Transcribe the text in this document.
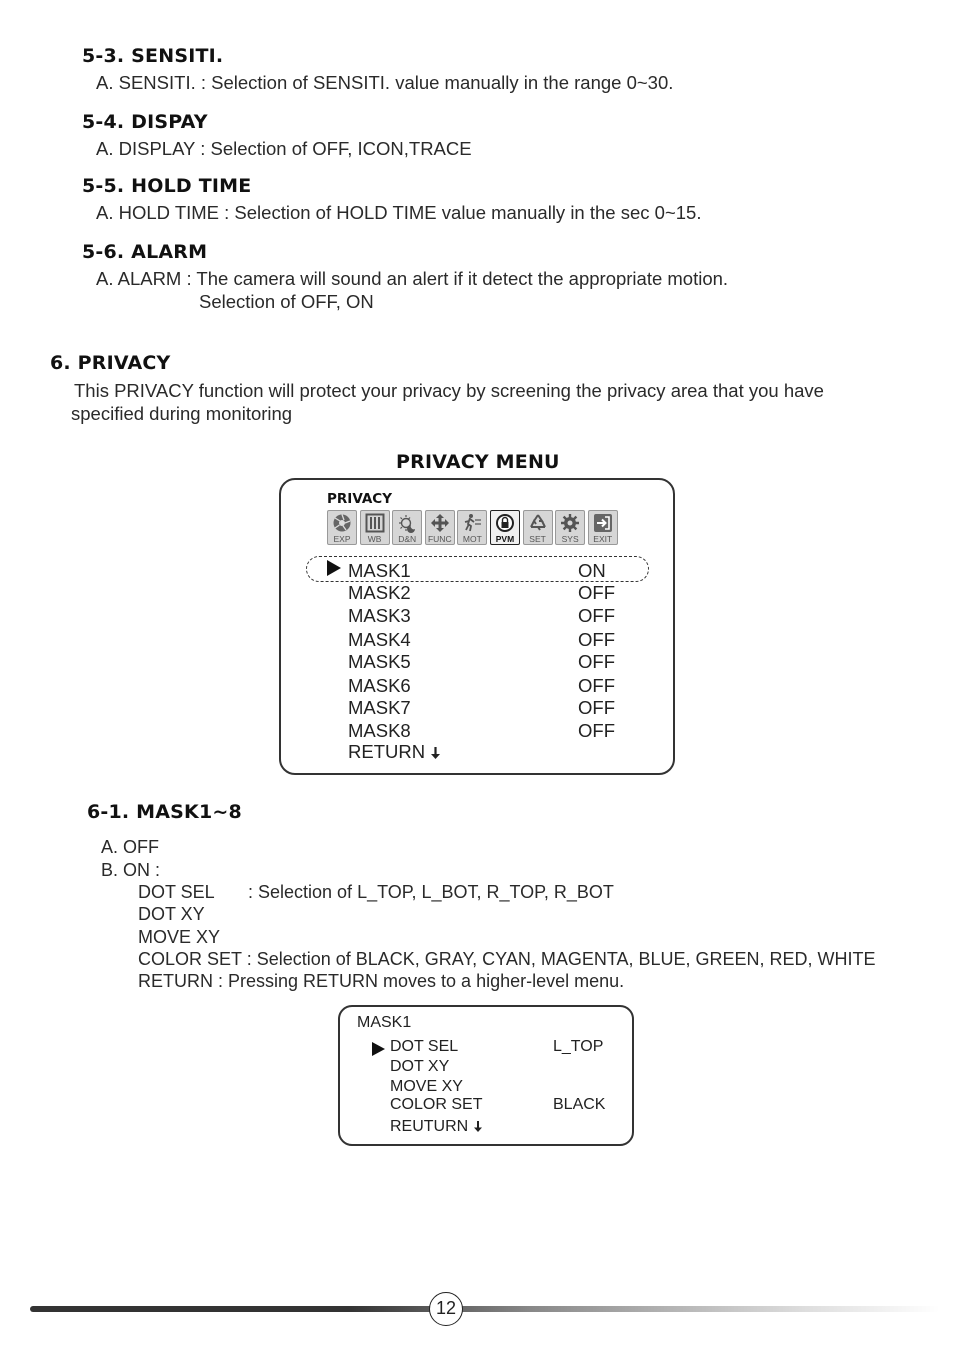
5-3. SENSITI.
A. SENSITI. : Selection of SENSITI. value manually in the range 0~30.
5-4. DISPAY
A. DISPLAY : Selection of OFF, ICON,TRACE
5-5. HOLD TIME
A. HOLD TIME : Selection of HOLD TIME value manually in the sec 0~15.
5-6. ALARM
A. ALARM : The camera will sound an alert if it detect the appropriate motion.
Selection of OFF, ON
6. PRIVACY
This PRIVACY function will protect your privacy by screening the privacy area that you have
specified during monitoring
PRIVACY MENU
PRIVACY
EXP	WB	D&N	FUNC	MOT	PVM	SET	SYS	EXIT
MASK1	ON
MASK2	OFF
MASK3	OFF
MASK4	OFF
MASK5	OFF
MASK6	OFF
MASK7	OFF
MASK8	OFF
RETURN
6-1. MASK1~8
A. OFF
B. ON :
DOT SEL : Selection of L_TOP, L_BOT, R_TOP, R_BOT
DOT XY
MOVE XY
COLOR SET : Selection of BLACK, GRAY, CYAN, MAGENTA, BLUE, GREEN, RED, WHITE
RETURN : Pressing RETURN moves to a higher-level menu.
MASK1
DOT SEL	L_TOP
DOT XY
MOVE XY
COLOR SET	BLACK
REUTURN
12
